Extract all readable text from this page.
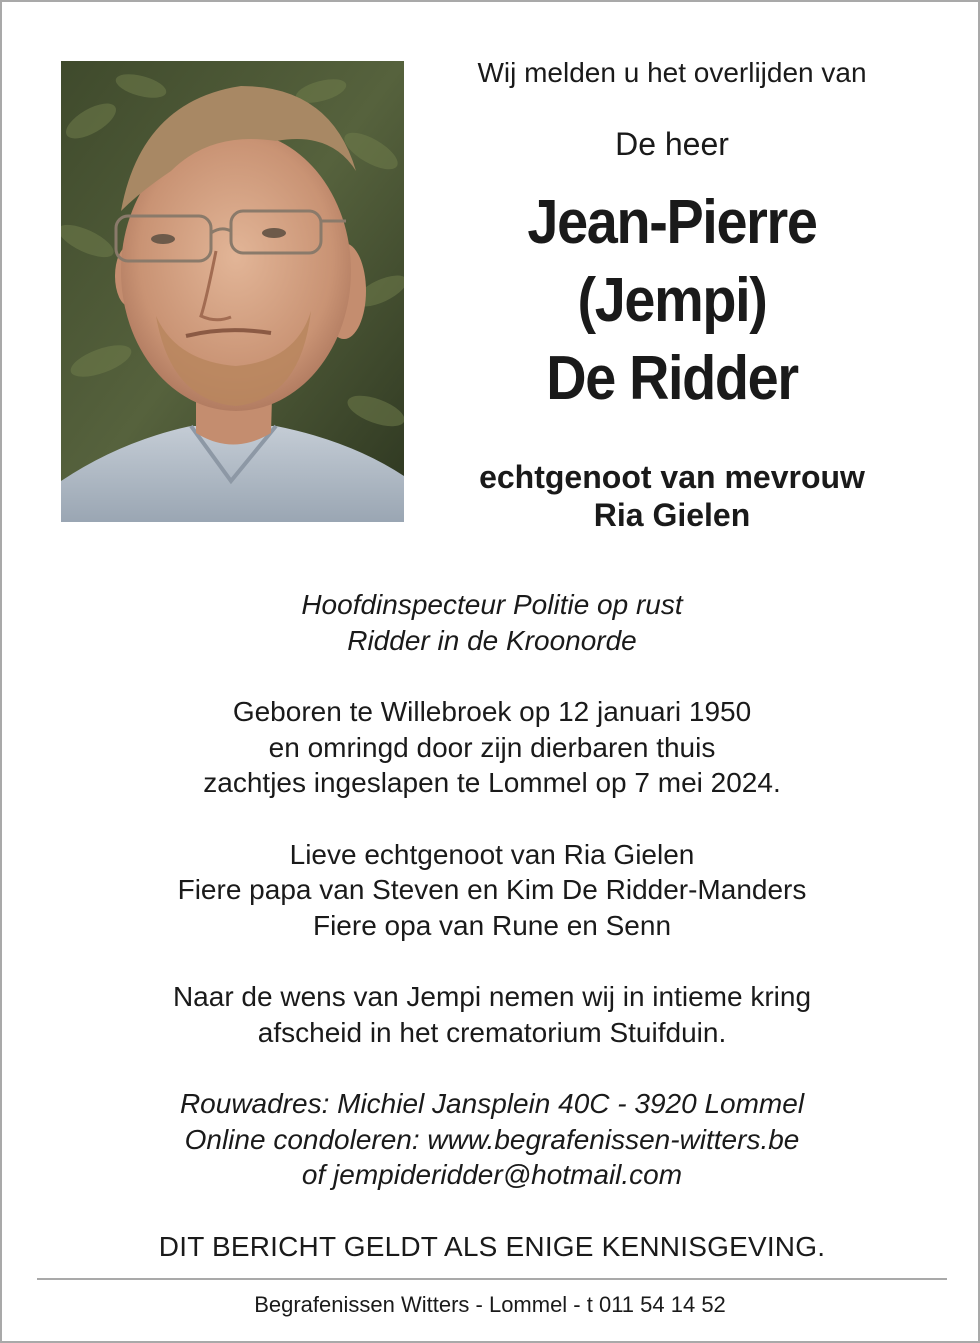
Wij melden u het overlijden van

De heer

Jean-Pierre
(Jempi)
De Ridder
echtgenoot van mevrouw
Ria Gielen
Hoofdinspecteur Politie op rust
Ridder in de Kroonorde
Geboren te Willebroek op 12 januari 1950
en omringd door zijn dierbaren thuis
zachtjes ingeslapen te Lommel op 7 mei 2024.
Lieve echtgenoot van Ria Gielen
Fiere papa van Steven en Kim De Ridder-Manders
Fiere opa van Rune en Senn
Naar de wens van Jempi nemen wij in intieme kring
afscheid in het crematorium Stuifduin.
Rouwadres: Michiel Jansplein 40C - 3920 Lommel
Online condoleren: www.begrafenissen-witters.be
of jempideridder@hotmail.com

DIT BERICHT GELDT ALS ENIGE KENNISGEVING.

Begrafenissen Witters - Lommel - t 011 54 14 52
